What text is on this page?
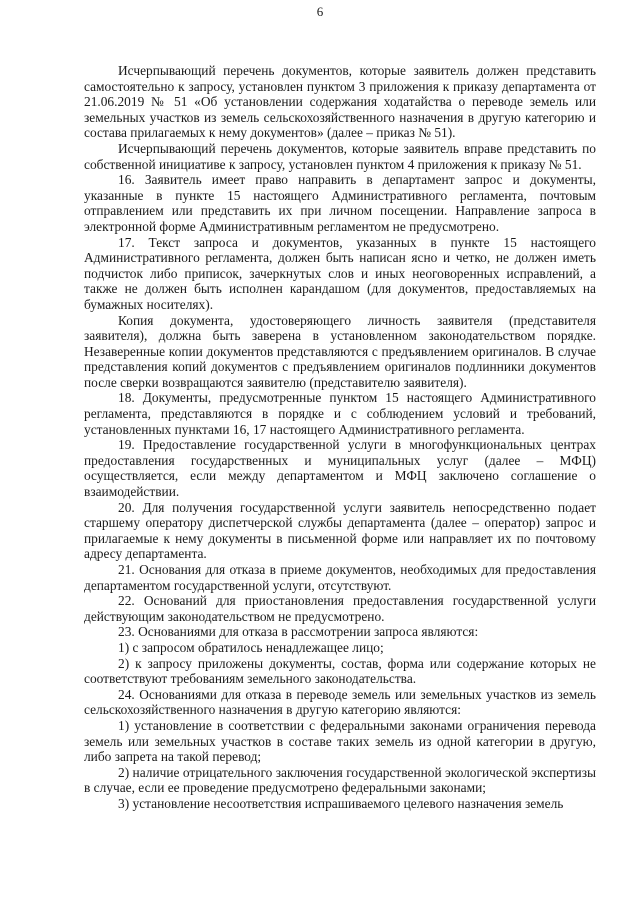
6

Исчерпывающий перечень документов, которые заявитель должен представить самостоятельно к запросу, установлен пунктом 3 приложения к приказу департамента от 21.06.2019 № 51 «Об установлении содержания ходатайства о переводе земель или земельных участков из земель сельскохозяйственного назначения в другую категорию и состава прилагаемых к нему документов» (далее – приказ № 51).

Исчерпывающий перечень документов, которые заявитель вправе представить по собственной инициативе к запросу, установлен пунктом 4 приложения к приказу № 51.

16. Заявитель имеет право направить в департамент запрос и документы, указанные в пункте 15 настоящего Административного регламента, почтовым отправлением или представить их при личном посещении. Направление запроса в электронной форме Административным регламентом не предусмотрено.

17. Текст запроса и документов, указанных в пункте 15 настоящего Административного регламента, должен быть написан ясно и четко, не должен иметь подчисток либо приписок, зачеркнутых слов и иных неоговоренных исправлений, а также не должен быть исполнен карандашом (для документов, предоставляемых на бумажных носителях).

Копия документа, удостоверяющего личность заявителя (представителя заявителя), должна быть заверена в установленном законодательством порядке. Незаверенные копии документов представляются с предъявлением оригиналов. В случае представления копий документов с предъявлением оригиналов подлинники документов после сверки возвращаются заявителю (представителю заявителя).

18. Документы, предусмотренные пунктом 15 настоящего Административного регламента, представляются в порядке и с соблюдением условий и требований, установленных пунктами 16, 17 настоящего Административного регламента.

19. Предоставление государственной услуги в многофункциональных центрах предоставления государственных и муниципальных услуг (далее – МФЦ) осуществляется, если между департаментом и МФЦ заключено соглашение о взаимодействии.

20. Для получения государственной услуги заявитель непосредственно подает старшему оператору диспетчерской службы департамента (далее – оператор) запрос и прилагаемые к нему документы в письменной форме или направляет их по почтовому адресу департамента.

21. Основания для отказа в приеме документов, необходимых для предоставления департаментом государственной услуги, отсутствуют.

22. Оснований для приостановления предоставления государственной услуги действующим законодательством не предусмотрено.

23. Основаниями для отказа в рассмотрении запроса являются:

1) с запросом обратилось ненадлежащее лицо;

2) к запросу приложены документы, состав, форма или содержание которых не соответствуют требованиям земельного законодательства.

24. Основаниями для отказа в переводе земель или земельных участков из земель сельскохозяйственного назначения в другую категорию являются:

1) установление в соответствии с федеральными законами ограничения перевода земель или земельных участков в составе таких земель из одной категории в другую, либо запрета на такой перевод;

2) наличие отрицательного заключения государственной экологической экспертизы в случае, если ее проведение предусмотрено федеральными законами;

3) установление несоответствия испрашиваемого целевого назначения земель
